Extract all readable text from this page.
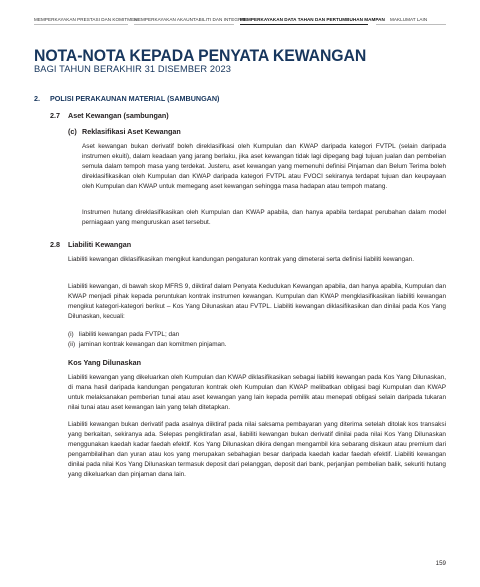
MEMPERKAYAKAN PRESTASI DAN KOMITMEN
MEMPERKAYAKAN AKAUNTABILITI DAN INTEGRITI
MEMPERKAYAKAN DATA TAHAN DAN PERTUMBUHAN MAMPAN MAKLUMAT LAIN
NOTA-NOTA KEPADA PENYATA KEWANGAN
BAGI TAHUN BERAKHIR 31 DISEMBER 2023
2. POLISI PERAKAUNAN MATERIAL (SAMBUNGAN)
2.7 Aset Kewangan (sambungan)
(c) Reklasifikasi Aset Kewangan
Aset kewangan bukan derivatif boleh direklasifikasi oleh Kumpulan dan KWAP daripada kategori FVTPL (selain daripada instrumen ekuiti), dalam keadaan yang jarang berlaku, jika aset kewangan tidak lagi dipegang bagi tujuan jualan dan pembelian semula dalam tempoh masa yang terdekat. Justeru, aset kewangan yang memenuhi definisi Pinjaman dan Belum Terima boleh direklasifikasikan oleh Kumpulan dan KWAP daripada kategori FVTPL atau FVOCI sekiranya terdapat tujuan dan keupayaan oleh Kumpulan dan KWAP untuk memegang aset kewangan sehingga masa hadapan atau tempoh matang.
Instrumen hutang direklasifikasikan oleh Kumpulan dan KWAP apabila, dan hanya apabila terdapat perubahan dalam model perniagaan yang menguruskan aset tersebut.
2.8 Liabiliti Kewangan
Liabiliti kewangan diklasifikasikan mengikut kandungan pengaturan kontrak yang dimeterai serta definisi liabiliti kewangan.
Liabiliti kewangan, di bawah skop MFRS 9, diiktiraf dalam Penyata Kedudukan Kewangan apabila, dan hanya apabila, Kumpulan dan KWAP menjadi pihak kepada peruntukan kontrak instrumen kewangan. Kumpulan dan KWAP mengklasifikasikan liabiliti kewangan mengikut kategori-kategori berikut – Kos Yang Dilunaskan atau FVTPL. Liabiliti kewangan diklasifikasikan dan dinilai pada Kos Yang Dilunaskan, kecuali:
(i) liabiliti kewangan pada FVTPL; dan
(ii) jaminan kontrak kewangan dan komitmen pinjaman.
Kos Yang Dilunaskan
Liabiliti kewangan yang dikeluarkan oleh Kumpulan dan KWAP diklasifikasikan sebagai liabiliti kewangan pada Kos Yang Dilunaskan, di mana hasil daripada kandungan pengaturan kontrak oleh Kumpulan dan KWAP melibatkan obligasi bagi Kumpulan dan KWAP untuk melaksanakan pemberian tunai atau aset kewangan yang lain kepada pemilik atau menepati obligasi selain daripada tukaran nilai tunai atau aset kewangan lain yang telah ditetapkan.
Liabiliti kewangan bukan derivatif pada asalnya diiktiraf pada nilai saksama pembayaran yang diterima setelah ditolak kos transaksi yang berkaitan, sekiranya ada. Selepas pengiktirafan asal, liabiliti kewangan bukan derivatif dinilai pada nilai Kos Yang Dilunaskan menggunakan kaedah kadar faedah efektif. Kos Yang Dilunaskan dikira dengan mengambil kira sebarang diskaun atau premium dari pengambilalihan dan yuran atau kos yang merupakan sebahagian besar daripada kaedah kadar faedah efektif. Liabiliti kewangan dinilai pada nilai Kos Yang Dilunaskan termasuk deposit dari pelanggan, deposit dari bank, perjanjian pembelian balik, sekuriti hutang yang dikeluarkan dan pinjaman dana lain.
159
